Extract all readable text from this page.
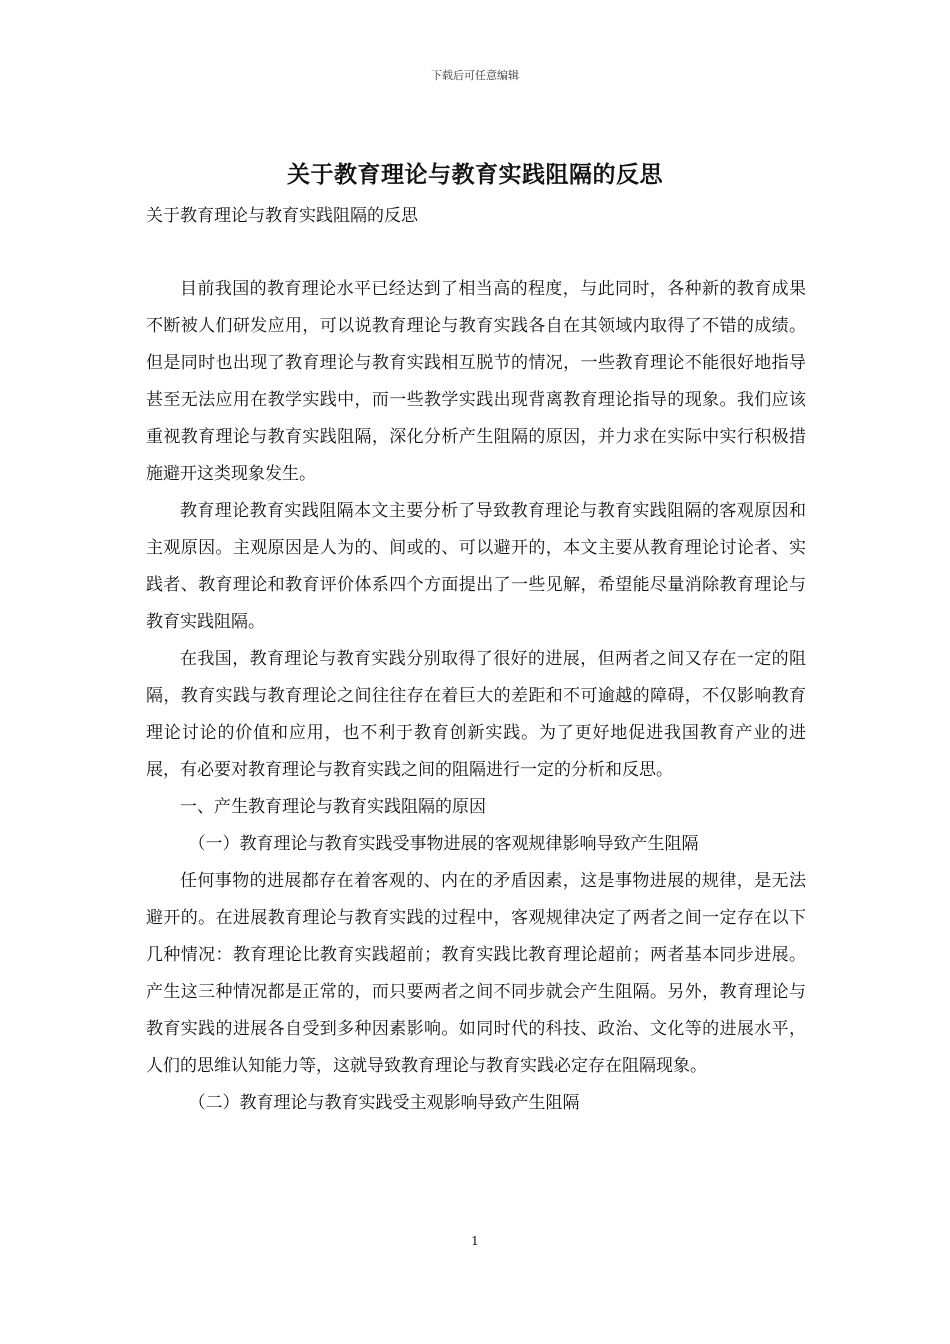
下载后可任意编辑
关于教育理论与教育实践阻隔的反思
关于教育理论与教育实践阻隔的反思

目前我国的教育理论水平已经达到了相当高的程度，与此同时，各种新的教育成果不断被人们研发应用，可以说教育理论与教育实践各自在其领域内取得了不错的成绩。但是同时也出现了教育理论与教育实践相互脱节的情况，一些教育理论不能很好地指导甚至无法应用在教学实践中，而一些教学实践出现背离教育理论指导的现象。我们应该重视教育理论与教育实践阻隔，深化分析产生阻隔的原因，并力求在实际中实行积极措施避开这类现象发生。

教育理论教育实践阻隔本文主要分析了导致教育理论与教育实践阻隔的客观原因和主观原因。主观原因是人为的、间或的、可以避开的，本文主要从教育理论讨论者、实践者、教育理论和教育评价体系四个方面提出了一些见解，希望能尽量消除教育理论与教育实践阻隔。

在我国，教育理论与教育实践分别取得了很好的进展，但两者之间又存在一定的阻隔，教育实践与教育理论之间往往存在着巨大的差距和不可逾越的障碍，不仅影响教育理论讨论的价值和应用，也不利于教育创新实践。为了更好地促进我国教育产业的进展，有必要对教育理论与教育实践之间的阻隔进行一定的分析和反思。

一、产生教育理论与教育实践阻隔的原因

（一）教育理论与教育实践受事物进展的客观规律影响导致产生阻隔

任何事物的进展都存在着客观的、内在的矛盾因素，这是事物进展的规律，是无法避开的。在进展教育理论与教育实践的过程中，客观规律决定了两者之间一定存在以下几种情况：教育理论比教育实践超前；教育实践比教育理论超前；两者基本同步进展。产生这三种情况都是正常的，而只要两者之间不同步就会产生阻隔。另外，教育理论与教育实践的进展各自受到多种因素影响。如同时代的科技、政治、文化等的进展水平，人们的思维认知能力等，这就导致教育理论与教育实践必定存在阻隔现象。

（二）教育理论与教育实践受主观影响导致产生阻隔

1
